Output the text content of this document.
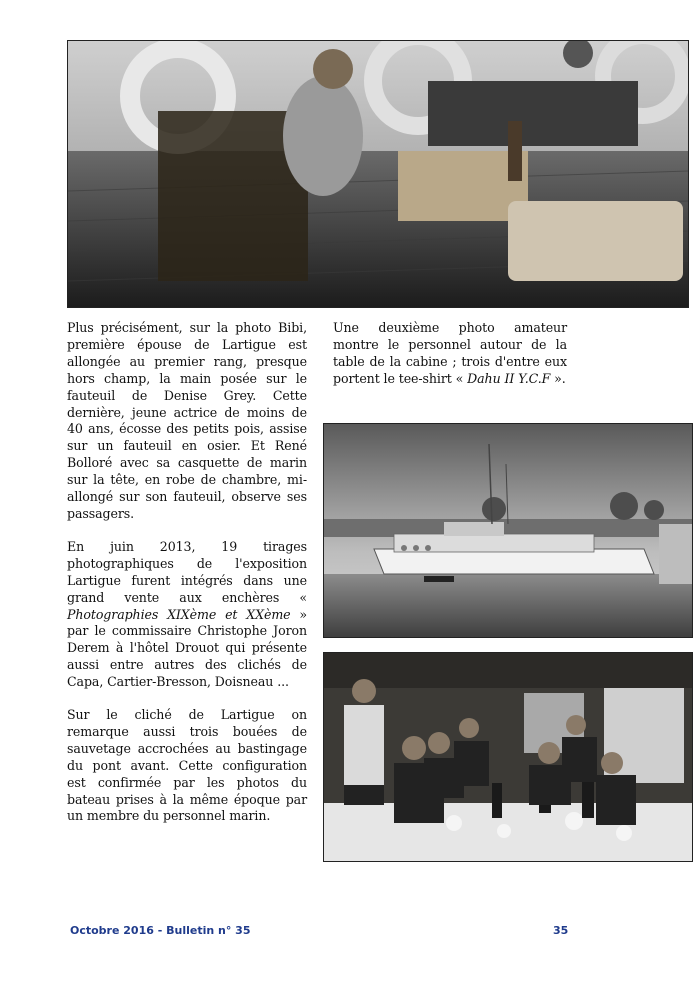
Plus précisément, sur la photo Bibi, première épouse de Lartigue est allongée au premier rang, presque hors champ, la main posée sur le fauteuil de Denise Grey. Cette dernière, jeune actrice de moins de 40 ans, écosse des petits pois, assise sur un fauteuil en osier. Et René Bolloré avec sa casquette de marin sur la tête, en robe de chambre, mi-allongé sur son fauteuil, observe ses passagers.

En juin 2013, 19 tirages photographiques de l'exposition Lartigue furent intégrés dans une grand vente aux enchères « Photographies XIXème et XXème » par le commissaire Christophe Joron Derem à l'hôtel Drouot qui présente aussi entre autres des clichés de Capa, Cartier-Bresson, Doisneau ...

Sur le cliché de Lartigue on remarque aussi trois bouées de sauvetage accrochées au bastingage du pont avant. Cette configuration est confirmée par les photos du bateau prises à la même époque par un membre du personnel marin.

Une deuxième photo amateur montre le personnel autour de la table de la cabine ; trois d'entre eux portent le tee-shirt « Dahu II Y.C.F ».

Octobre 2016 - Bulletin n° 35	35
